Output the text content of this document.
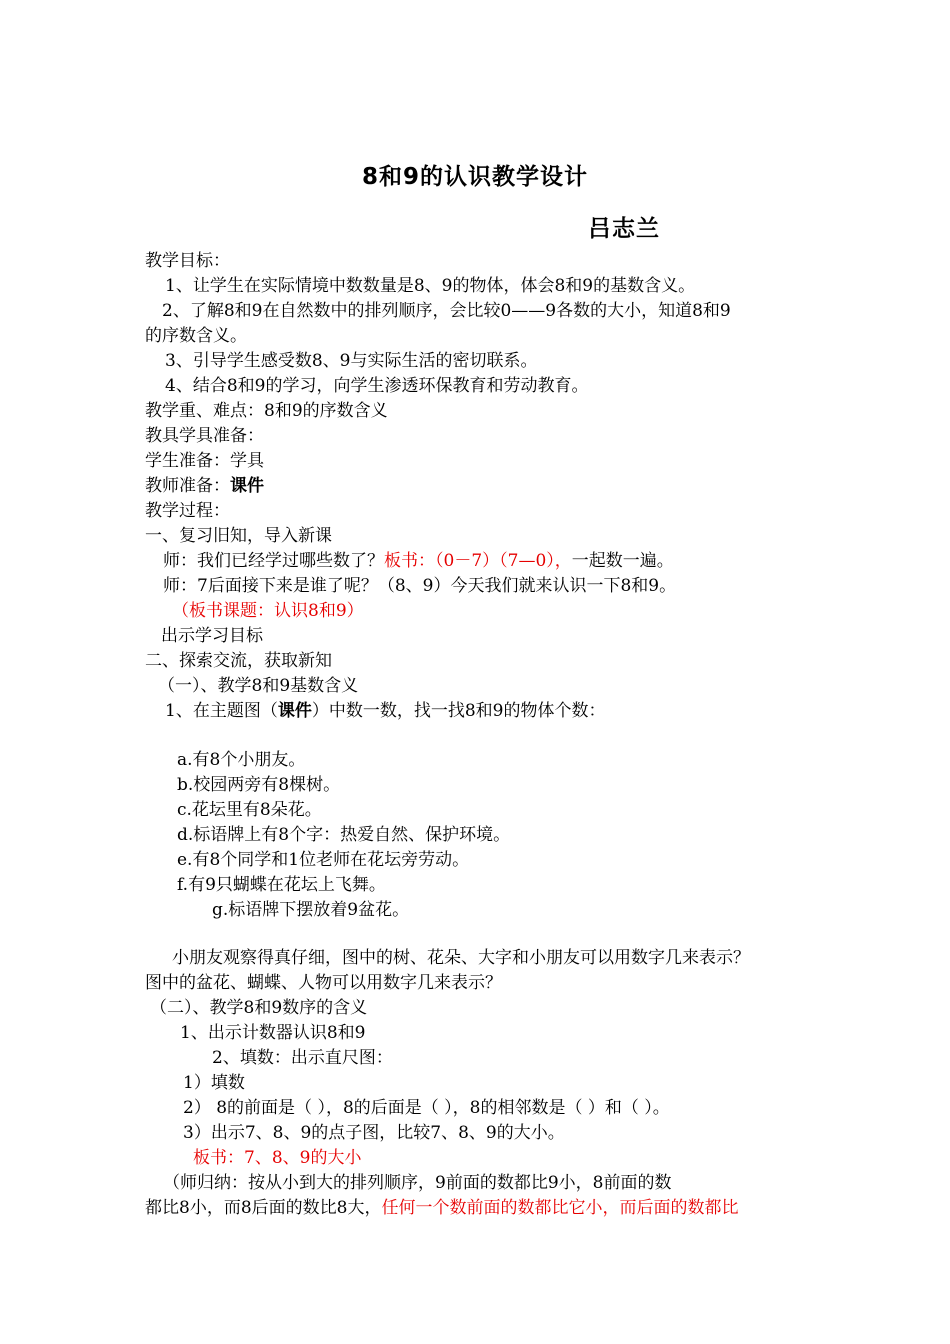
8和9的认识教学设计
吕志兰
教学目标：
1、让学生在实际情境中数数量是8、9的物体，体会8和9的基数含义。
2、了解8和9在自然数中的排列顺序，会比较0——9各数的大小，知道8和9
的序数含义。
3、引导学生感受数8、9与实际生活的密切联系。
4、结合8和9的学习，向学生渗透环保教育和劳动教育。
教学重、难点：8和9的序数含义
教具学具准备：
学生准备：学具
教师准备：课件
教学过程：
一、复习旧知，导入新课
师：我们已经学过哪些数了？板书：（0－7）（7—0），一起数一遍。
师：7后面接下来是谁了呢？（8、9）今天我们就来认识一下8和9。
（板书课题：认识8和9）
出示学习目标
二、探索交流，获取新知
（一）、教学8和9基数含义
1、在主题图（课件）中数一数，找一找8和9的物体个数：
a.有8个小朋友。
b.校园两旁有8棵树。
c.花坛里有8朵花。
d.标语牌上有8个字：热爱自然、保护环境。
e.有8个同学和1位老师在花坛旁劳动。
f.有9只蝴蝶在花坛上飞舞。
g.标语牌下摆放着9盆花。
小朋友观察得真仔细，图中的树、花朵、大字和小朋友可以用数字几来表示？
图中的盆花、蝴蝶、人物可以用数字几来表示？
（二）、教学8和9数序的含义
1、出示计数器认识8和9
2、填数：出示直尺图：
1）填数
2） 8的前面是（ ），8的后面是（ ），8的相邻数是（ ）和（ ）。
3）出示7、8、9的点子图，比较7、8、9的大小。
板书：7、8、9的大小
（师归纳：按从小到大的排列顺序，9前面的数都比9小，8前面的数
都比8小，而8后面的数比8大，任何一个数前面的数都比它小，而后面的数都比
